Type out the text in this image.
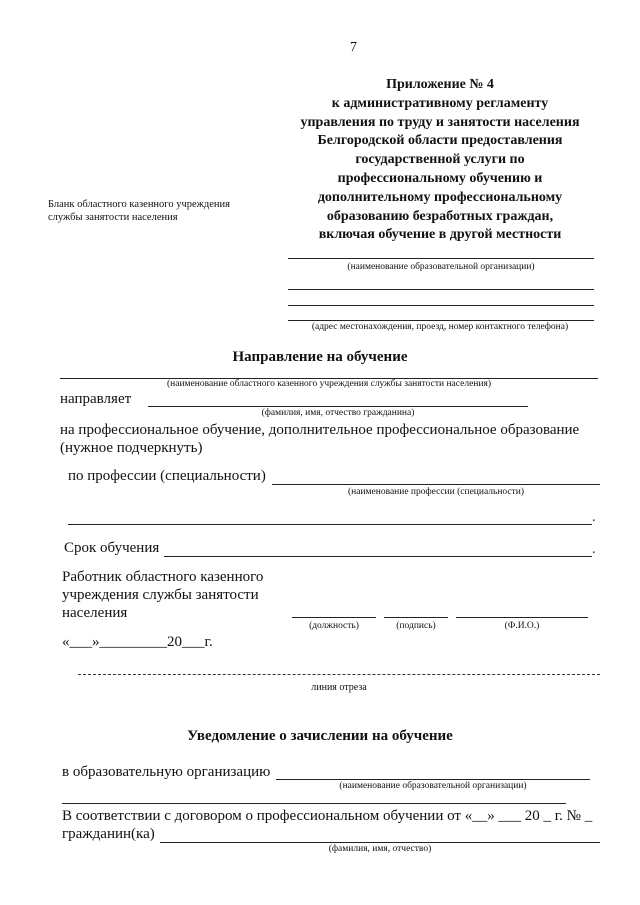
7
Приложение № 4
к административному регламенту
управления по труду и занятости населения
Белгородской области предоставления
государственной услуги по
профессиональному обучению и
дополнительному профессиональному
образованию безработных граждан,
включая обучение в другой местности
Бланк областного казенного учреждения
службы занятости населения
(наименование образовательной организации)
(адрес местонахождения, проезд, номер контактного телефона)
Направление на обучение
(наименование областного казенного учреждения службы занятости населения)
направляет
(фамилия, имя, отчество гражданина)
на профессиональное обучение, дополнительное профессиональное образование
(нужное подчеркнуть)
по профессии (специальности)
(наименование профессии (специальности)
.
Срок обучения	.
Работник областного казенного
учреждения службы занятости
населения
(должность)	(подпись)	(Ф.И.О.)
«___»_________20___г.
линия отреза
Уведомление о зачислении на обучение
в образовательную организацию
(наименование образовательной организации)
В соответствии с договором о профессиональном обучении от «__» ___ 20 _ г. № _
гражданин(ка)
(фамилия, имя, отчество)
